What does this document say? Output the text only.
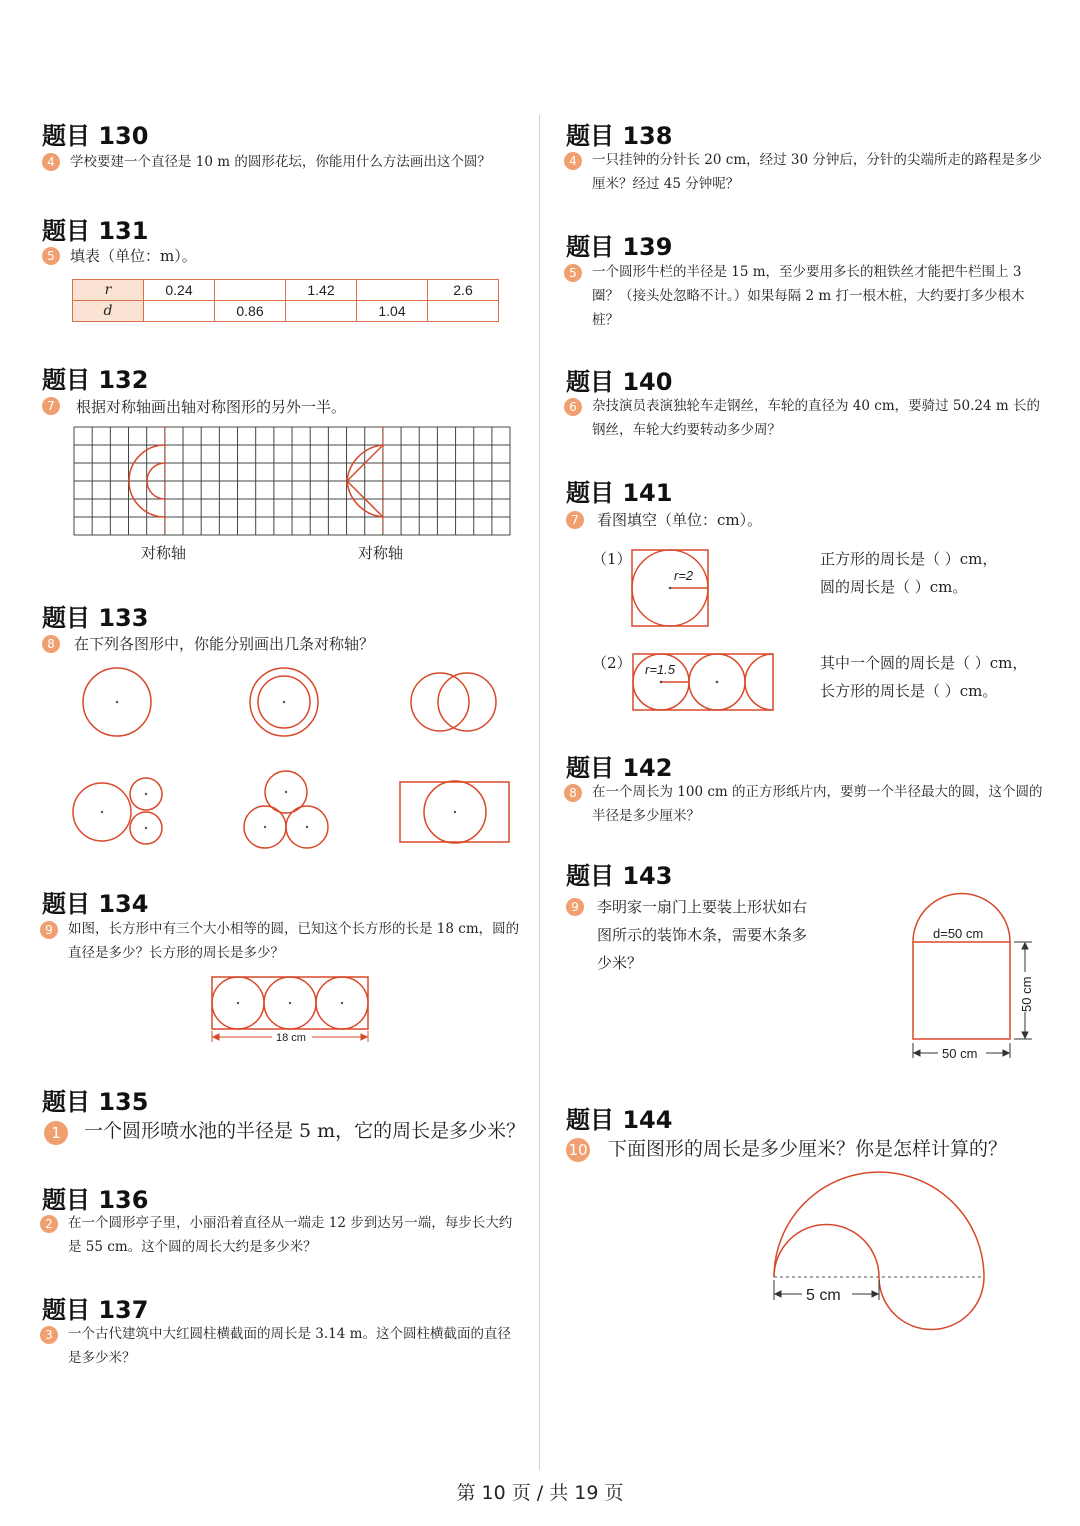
题目 130
4	学校要建一个直径是 10 m 的圆形花坛，你能用什么方法画出这个圆？
题目 131
5	填表（单位：m）。
r	0.24		1.42		2.6
d		0.86		1.04	
题目 132
7	根据对称轴画出轴对称图形的另外一半。
对称轴	对称轴
题目 133
8	在下列各图形中，你能分别画出几条对称轴？
题目 134
9	如图，长方形中有三个大小相等的圆，已知这个长方形的长是 18 cm，圆的直径是多少？长方形的周长是多少？
18 cm
题目 135
1	一个圆形喷水池的半径是 5 m，它的周长是多少米？
题目 136
2	在一个圆形亭子里，小丽沿着直径从一端走 12 步到达另一端，每步长大约是 55 cm。这个圆的周长大约是多少米？
题目 137
3	一个古代建筑中大红圆柱横截面的周长是 3.14 m。这个圆柱横截面的直径是多少米？
题目 138
4	一只挂钟的分针长 20 cm，经过 30 分钟后，分针的尖端所走的路程是多少厘米？经过 45 分钟呢？
题目 139
5	一个圆形牛栏的半径是 15 m，至少要用多长的粗铁丝才能把牛栏围上 3 圈？（接头处忽略不计。）如果每隔 2 m 打一根木桩，大约要打多少根木桩？
题目 140
6	杂技演员表演独轮车走钢丝，车轮的直径为 40 cm，要骑过 50.24 m 长的钢丝，车轮大约要转动多少周？
题目 141
7	看图填空（单位：cm）。
（1）
r=2
r=1.5
正方形的周长是（ ）cm，
圆的周长是（ ）cm。
（2）	其中一个圆的周长是（ ）cm，
长方形的周长是（ ）cm。
题目 142
8	在一个周长为 100 cm 的正方形纸片内，要剪一个半径最大的圆，这个圆的半径是多少厘米？
题目 143
9	李明家一扇门上要装上形状如右图所示的装饰木条，需要木条多少米？
d=50 cm
50 cm
50 cm
题目 144
10 下面图形的周长是多少厘米？你是怎样计算的？
5 cm
第 10 页 / 共 19 页
